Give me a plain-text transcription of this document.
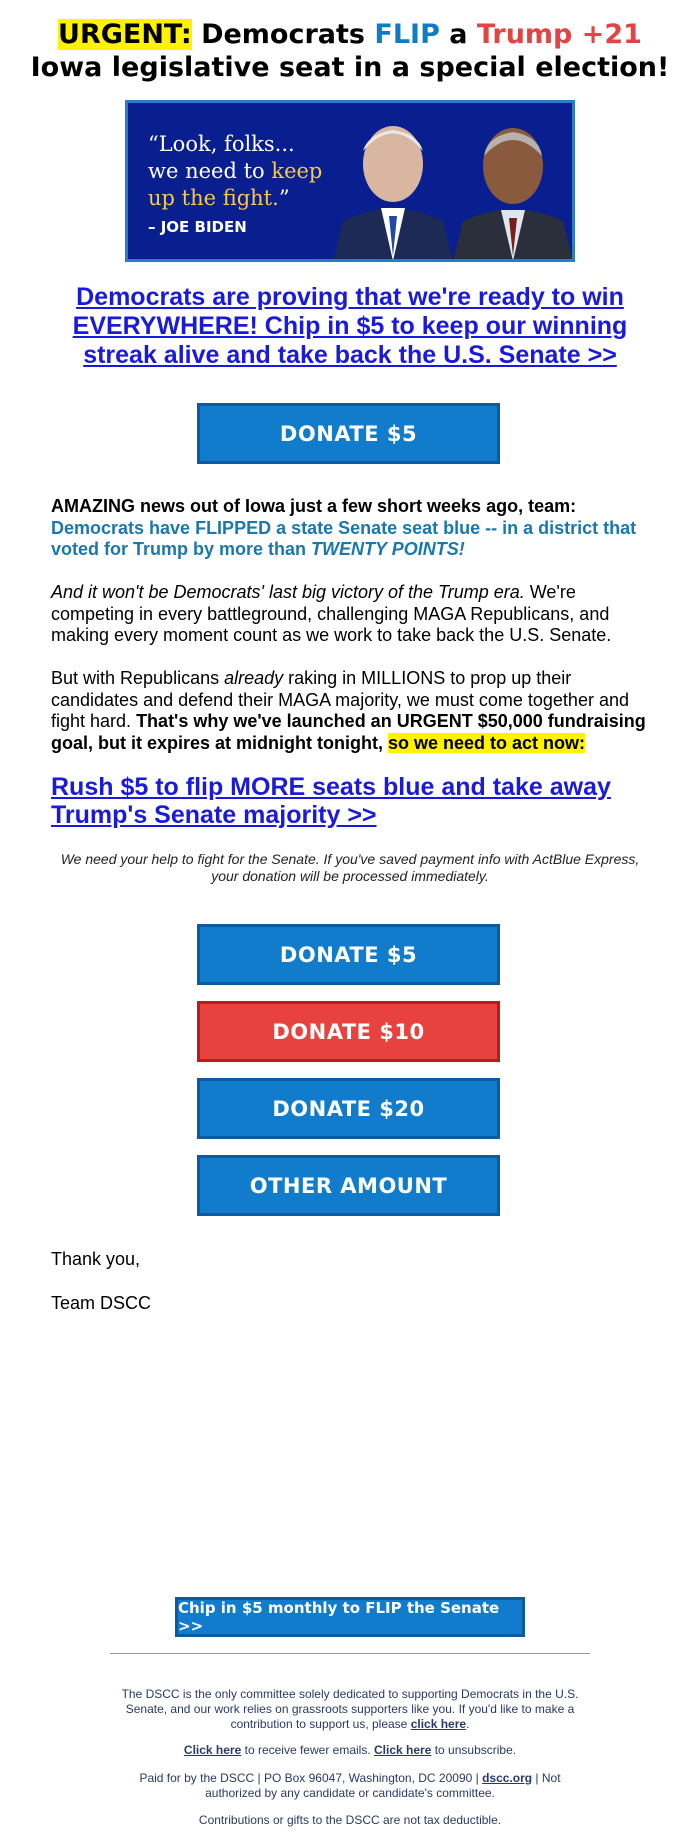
URGENT: Democrats FLIP a Trump +21
Iowa legislative seat in a special election!
“Look, folks...
we need to keep
up the fight.”
– JOE BIDEN
Democrats are proving that we're ready to win EVERYWHERE! Chip in $5 to keep our winning streak alive and take back the U.S. Senate >>
DONATE $5
AMAZING news out of Iowa just a few short weeks ago, team:
Democrats have FLIPPED a state Senate seat blue -- in a district that voted for Trump by more than TWENTY POINTS!
And it won't be Democrats' last big victory of the Trump era. We're competing in every battleground, challenging MAGA Republicans, and making every moment count as we work to take back the U.S. Senate.
But with Republicans already raking in MILLIONS to prop up their candidates and defend their MAGA majority, we must come together and fight hard. That's why we've launched an URGENT $50,000 fundraising goal, but it expires at midnight tonight, so we need to act now:
Rush $5 to flip MORE seats blue and take away Trump's Senate majority >>
We need your help to fight for the Senate. If you've saved payment info with ActBlue Express, your donation will be processed immediately.
DONATE $5
DONATE $10
DONATE $20
OTHER AMOUNT
Thank you,
Team DSCC
Chip in $5 monthly to FLIP the Senate >>
The DSCC is the only committee solely dedicated to supporting Democrats in the U.S. Senate, and our work relies on grassroots supporters like you. If you'd like to make a contribution to support us, please click here.
Click here to receive fewer emails. Click here to unsubscribe.
Paid for by the DSCC | PO Box 96047, Washington, DC 20090 | dscc.org | Not authorized by any candidate or candidate's committee.
Contributions or gifts to the DSCC are not tax deductible.
